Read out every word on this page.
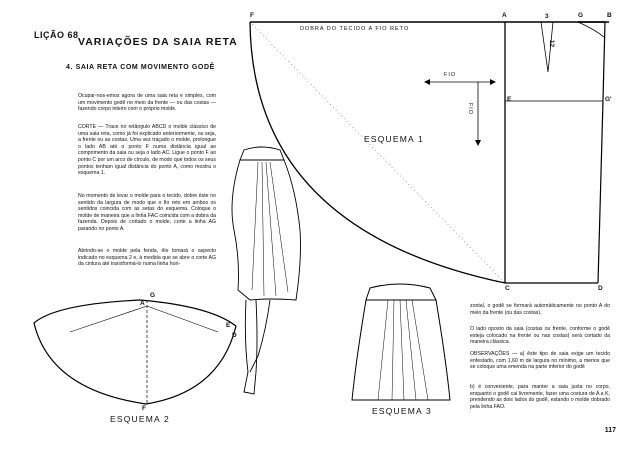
LIÇÃO 68
VARIAÇÕES DA SAIA RETA
4. SAIA RETA COM MOVIMENTO GODÊ
Ocupar-nos-emos agora de uma saia reta e simples, com um movimento godê no meio da frente — ou das costas — fazendo corpo inteiro com o próprio molde.
CORTE — Trace no retângulo ABCD o molde clássico de uma saia reta, como já foi explicado anteriormente, ou seja, a frente ou as costas. Uma vez traçado o molde, prolongue o lado AB até o ponto F numa distância igual ao comprimento da saia ou seja o lado AC. Ligue o ponto F ao ponto C por um arco de círculo, de modo que todos os seus pontos tenham igual distância do ponto A, como mostra o esquema 1.
No momento de levar o molde para o tecido, dobre êste no sentido da largura de modo que o fio reto em ambos os sentidos coincida com as setas do esquema. Coloque o molde de maneira que a linha FAC coincida com a dobra da fazenda. Depois de cortado o molde, corte a linha AG parando no ponto A.
Abrindo-se o molde pela fenda, êle tomará o aspecto indicado no esquema 2 e, à medida que se abre o corte AG da cintura até transformá-lo numa linha hori-
zontal, o godê se formará automàticamente no ponto A do meio da frente (ou das costas).
O lado oposto da saia (costas ou frente, conforme o godê esteja colocado na frente ou nas costas) será cortado da maneira clássica.
OBSERVAÇÕES — a) êste tipo de saia exige um tecido enfestado, com 1,60 m de largura no mínimo, a menos que se coloque uma emenda na parte inferior do godê
b) é conveniente, para manter a saia justa no corpo, enquanto o godê cai livremente, fazer uma costura de A a K, prendendo as dois lados do godê, estando o molde dobrado pela linha FAO.
117
F	A	3	G	B
E	G'
C	D
12
DOBRA DO TECIDO A FIO RETO
FIO
FIO
ESQUEMA 1
G
A
E
D
F
ESQUEMA 2
ESQUEMA 3
